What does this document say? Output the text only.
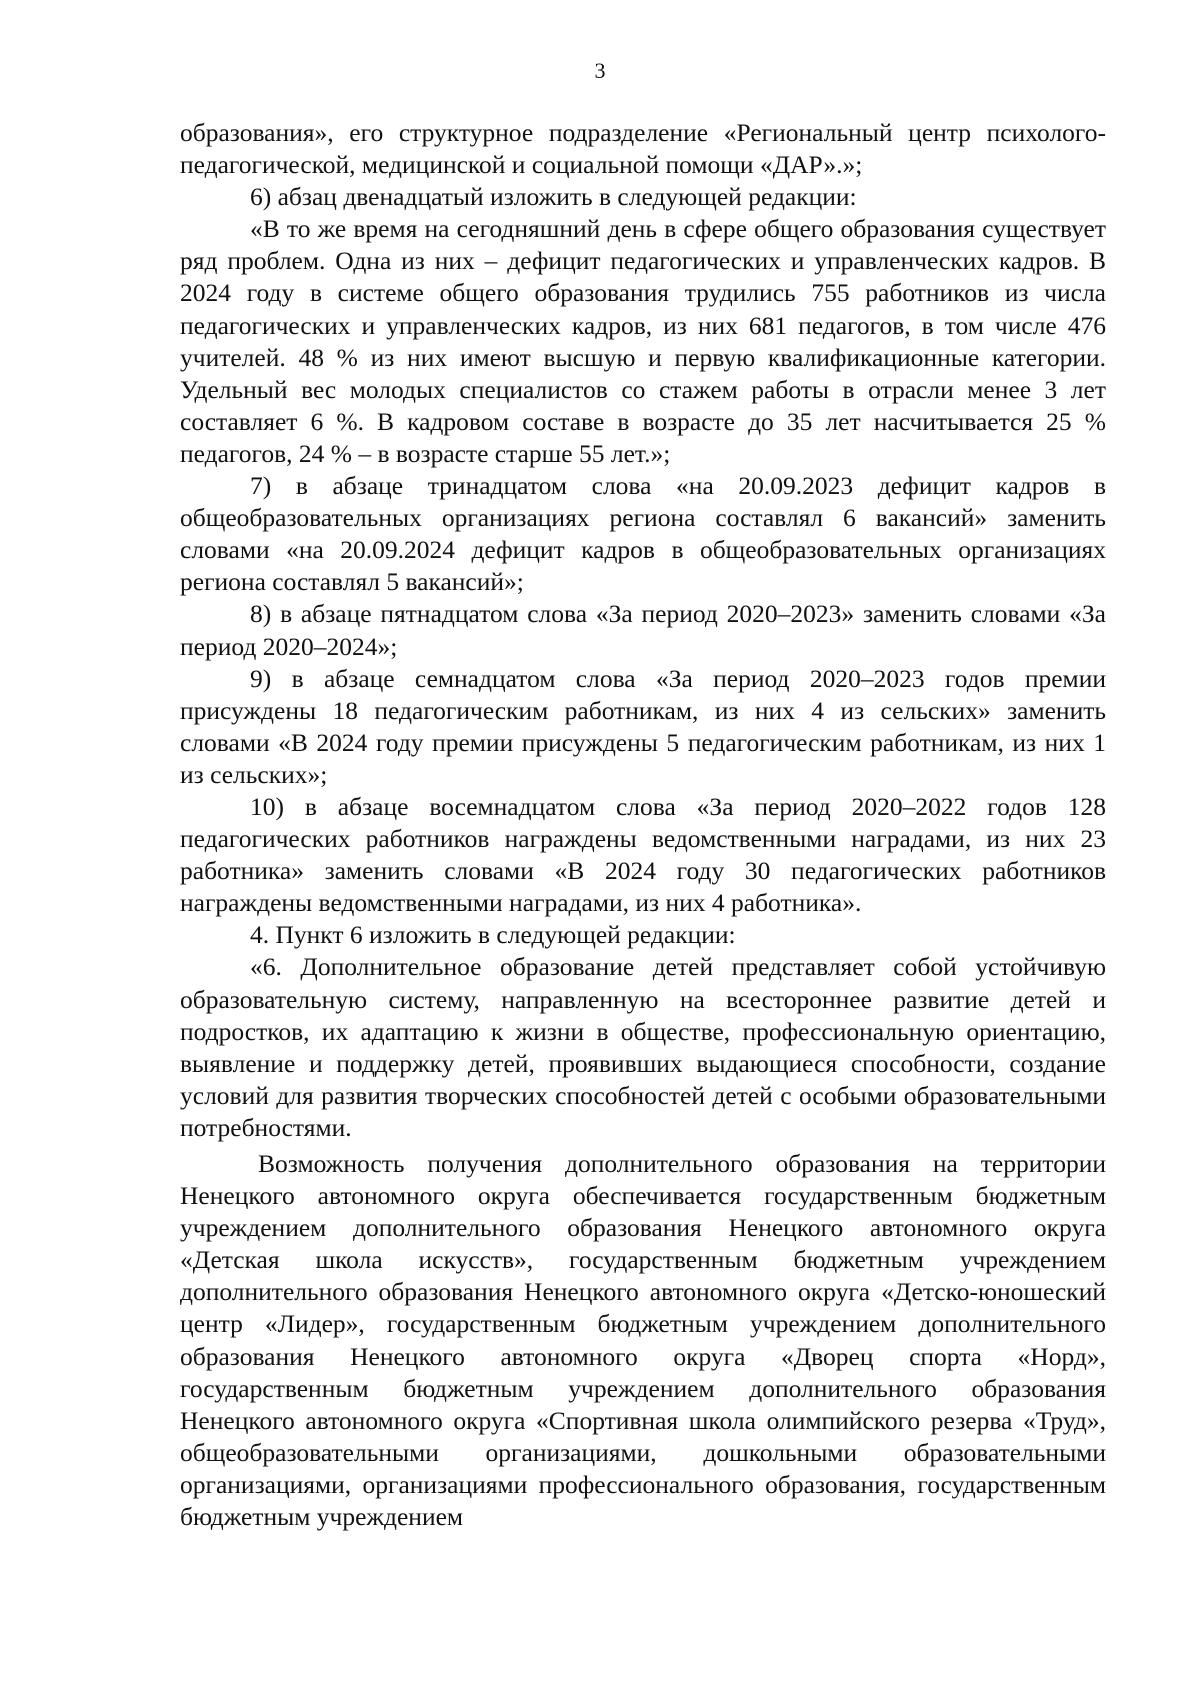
3

образования», его структурное подразделение «Региональный центр психолого-педагогической, медицинской и социальной помощи «ДАР».»;

6) абзац двенадцатый изложить в следующей редакции:

«В то же время на сегодняшний день в сфере общего образования существует ряд проблем. Одна из них – дефицит педагогических и управленческих кадров. В 2024 году в системе общего образования трудились 755 работников из числа педагогических и управленческих кадров, из них 681 педагогов, в том числе 476 учителей. 48 % из них имеют высшую и первую квалификационные категории. Удельный вес молодых специалистов со стажем работы в отрасли менее 3 лет составляет 6 %. В кадровом составе в возрасте до 35 лет насчитывается 25 % педагогов, 24 % – в возрасте старше 55 лет.»;

7) в абзаце тринадцатом слова «на 20.09.2023 дефицит кадров в общеобразовательных организациях региона составлял 6 вакансий» заменить словами «на 20.09.2024 дефицит кадров в общеобразовательных организациях региона составлял 5 вакансий»;

8) в абзаце пятнадцатом слова «За период 2020–2023» заменить словами «За период 2020–2024»;

9) в абзаце семнадцатом слова «За период 2020–2023 годов премии присуждены 18 педагогическим работникам, из них 4 из сельских» заменить словами «В 2024 году премии присуждены 5 педагогическим работникам, из них 1 из сельских»;

10) в абзаце восемнадцатом слова «За период 2020–2022 годов 128 педагогических работников награждены ведомственными наградами, из них 23 работника» заменить словами «В 2024 году 30 педагогических работников награждены ведомственными наградами, из них 4 работника».

4. Пункт 6 изложить в следующей редакции:

«6. Дополнительное образование детей представляет собой устойчивую образовательную систему, направленную на всестороннее развитие детей и подростков, их адаптацию к жизни в обществе, профессиональную ориентацию, выявление и поддержку детей, проявивших выдающиеся способности, создание условий для развития творческих способностей детей с особыми образовательными потребностями.

Возможность получения дополнительного образования на территории Ненецкого автономного округа обеспечивается государственным бюджетным учреждением дополнительного образования Ненецкого автономного округа «Детская школа искусств», государственным бюджетным учреждением дополнительного образования Ненецкого автономного округа «Детско-юношеский центр «Лидер», государственным бюджетным учреждением дополнительного образования Ненецкого автономного округа «Дворец спорта «Норд», государственным бюджетным учреждением дополнительного образования Ненецкого автономного округа «Спортивная школа олимпийского резерва «Труд», общеобразовательными организациями, дошкольными образовательными организациями, организациями профессионального образования, государственным бюджетным учреждением
